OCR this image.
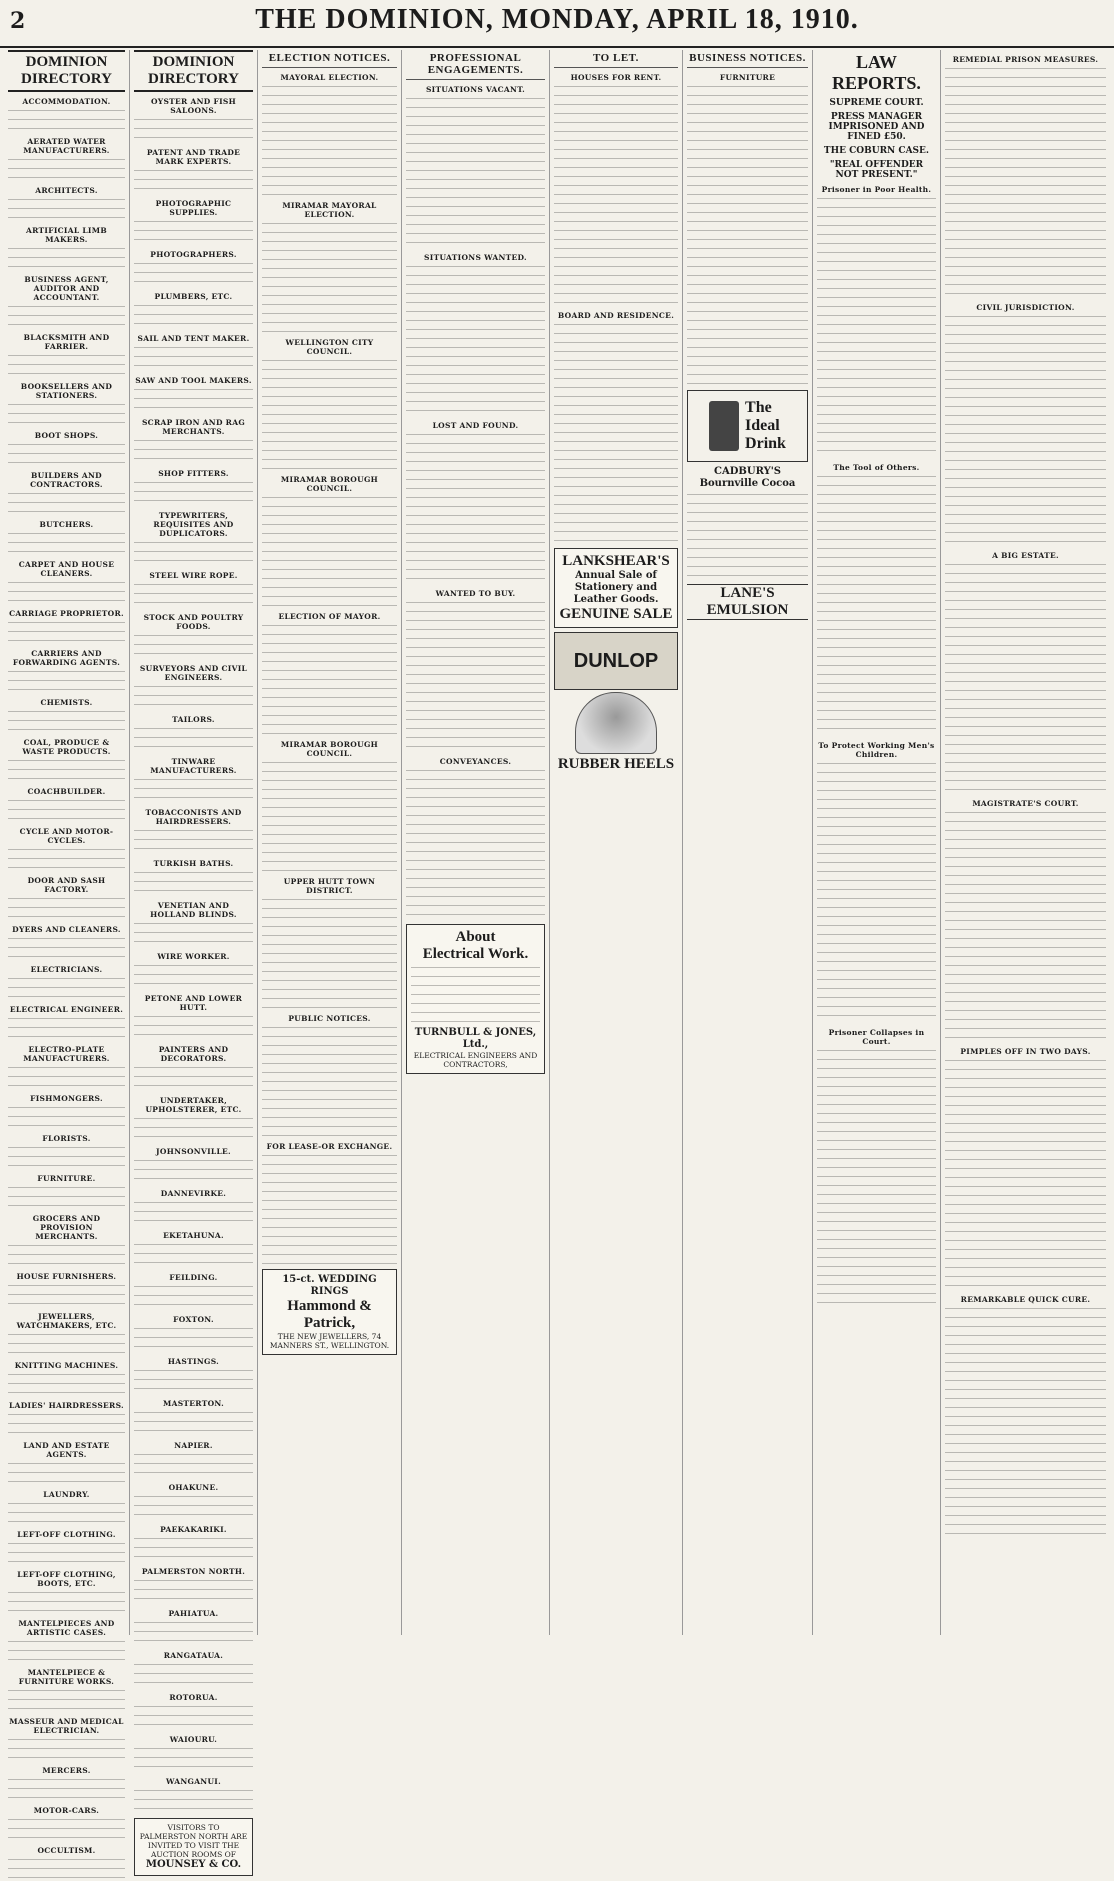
2	THE DOMINION, MONDAY, APRIL 18, 1910.
DOMINION DIRECTORY
ACCOMMODATION.
AERATED WATER MANUFACTURERS.
ARCHITECTS.
ARTIFICIAL LIMB MAKERS.
BUSINESS AGENT, AUDITOR AND ACCOUNTANT.
BLACKSMITH AND FARRIER.
BOOKSELLERS AND STATIONERS.
BOOT SHOPS.
BUILDERS AND CONTRACTORS.
BUTCHERS.
CARPET AND HOUSE CLEANERS.
CARRIAGE PROPRIETOR.
CARRIERS AND FORWARDING AGENTS.
CHEMISTS.
COAL, PRODUCE & WASTE PRODUCTS.
COACHBUILDER.
CYCLE AND MOTOR-CYCLES.
DOOR AND SASH FACTORY.
DYERS AND CLEANERS.
ELECTRICIANS.
ELECTRICAL ENGINEER.
ELECTRO-PLATE MANUFACTURERS.
FISHMONGERS.
FLORISTS.
FURNITURE.
GROCERS AND PROVISION MERCHANTS.
HOUSE FURNISHERS.
JEWELLERS, WATCHMAKERS, ETC.
KNITTING MACHINES.
LADIES' HAIRDRESSERS.
LAND AND ESTATE AGENTS.
LAUNDRY.
LEFT-OFF CLOTHING.
LEFT-OFF CLOTHING, BOOTS, ETC.
MANTELPIECES AND ARTISTIC CASES.
MANTELPIECE & FURNITURE WORKS.
MASSEUR AND MEDICAL ELECTRICIAN.
MERCERS.
MOTOR-CARS.
OCCULTISM.
DOMINION DIRECTORY
OYSTER AND FISH SALOONS.
PATENT AND TRADE MARK EXPERTS.
PHOTOGRAPHIC SUPPLIES.
PHOTOGRAPHERS.
PLUMBERS, ETC.
SAIL AND TENT MAKER.
SAW AND TOOL MAKERS.
SCRAP IRON AND RAG MERCHANTS.
SHOP FITTERS.
TYPEWRITERS, REQUISITES AND DUPLICATORS.
STEEL WIRE ROPE.
STOCK AND POULTRY FOODS.
SURVEYORS AND CIVIL ENGINEERS.
TAILORS.
TINWARE MANUFACTURERS.
TOBACCONISTS AND HAIRDRESSERS.
TURKISH BATHS.
VENETIAN AND HOLLAND BLINDS.
WIRE WORKER.
PETONE AND LOWER HUTT.
PAINTERS AND DECORATORS.
UNDERTAKER, UPHOLSTERER, ETC.
JOHNSONVILLE.
DANNEVIRKE.
EKETAHUNA.
FEILDING.
FOXTON.
HASTINGS.
MASTERTON.
NAPIER.
OHAKUNE.
PAEKAKARIKI.
PALMERSTON NORTH.
PAHIATUA.
RANGATAUA.
ROTORUA.
WAIOURU.
WANGANUI.
VISITORS TO PALMERSTON NORTH ARE INVITED TO VISIT THE AUCTION ROOMS OF
MOUNSEY & CO.
ELECTION NOTICES.
MAYORAL ELECTION.
MIRAMAR MAYORAL ELECTION.
WELLINGTON CITY COUNCIL.
MIRAMAR BOROUGH COUNCIL.
ELECTION OF MAYOR.
MIRAMAR BOROUGH COUNCIL.
UPPER HUTT TOWN DISTRICT.
PUBLIC NOTICES.
FOR LEASE-OR EXCHANGE.
15-ct. WEDDING RINGS
Hammond & Patrick,
THE NEW JEWELLERS, 74 MANNERS ST., WELLINGTON.
PROFESSIONAL ENGAGEMENTS.
SITUATIONS VACANT.
SITUATIONS WANTED.
LOST AND FOUND.
WANTED TO BUY.
CONVEYANCES.
About
Electrical Work.
TURNBULL & JONES, Ltd.,
ELECTRICAL ENGINEERS AND CONTRACTORS,
TO LET.
HOUSES FOR RENT.
BOARD AND RESIDENCE.
LANKSHEAR'S
Annual Sale of Stationery and Leather Goods.
GENUINE SALE
DUNLOP
RUBBER HEELS
BUSINESS NOTICES.
FURNITURE
The
Ideal
Drink
CADBURY'S
Bournville Cocoa
LANE'S EMULSION
LAW REPORTS.
SUPREME COURT.
PRESS MANAGER IMPRISONED AND FINED £50.
THE COBURN CASE.
"REAL OFFENDER NOT PRESENT."
Prisoner in Poor Health.
The Tool of Others.
To Protect Working Men's Children.
Prisoner Collapses in Court.
REMEDIAL PRISON MEASURES.
CIVIL JURISDICTION.
A BIG ESTATE.
MAGISTRATE'S COURT.
PIMPLES OFF IN TWO DAYS.
REMARKABLE QUICK CURE.
